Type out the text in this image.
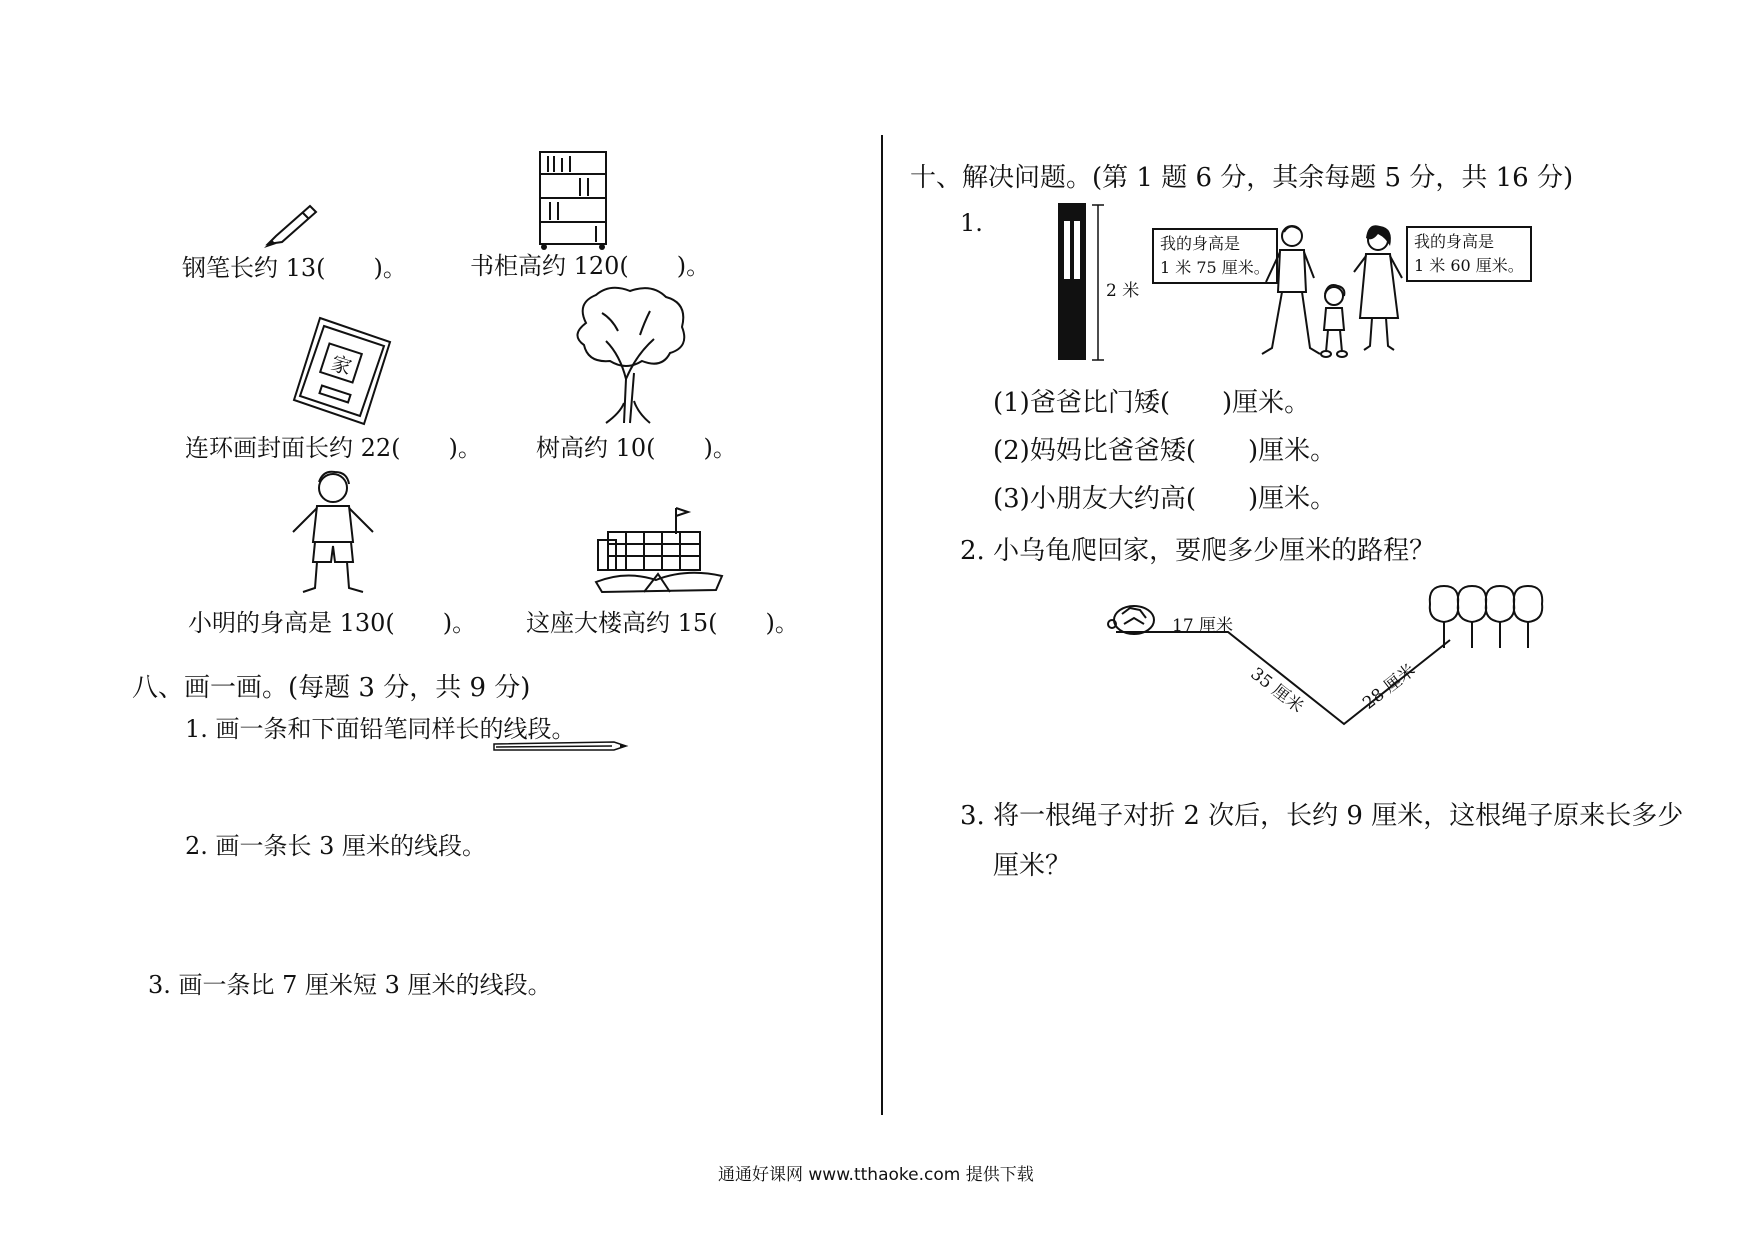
钢笔长约 13(　　)。	书柜高约 120(　　)。
家
连环画封面长约 22(　　)。 树高约 10(　　)。
小明的身高是 130(　　)。 这座大楼高约 15(　　)。
八、画一画。(每题 3 分，共 9 分)
1. 画一条和下面铅笔同样长的线段。
2. 画一条长 3 厘米的线段。
3. 画一条比 7 厘米短 3 厘米的线段。
十、解决问题。(第 1 题 6 分，其余每题 5 分，共 16 分)
1.
2 米
我的身高是
1 米 75 厘米。
我的身高是
1 米 60 厘米。
(1)爸爸比门矮(　　)厘米。
(2)妈妈比爸爸矮(　　)厘米。
(3)小朋友大约高(　　)厘米。
2. 小乌龟爬回家，要爬多少厘米的路程？
17 厘米
35 厘米	28 厘米
3. 将一根绳子对折 2 次后，长约 9 厘米，这根绳子原来长多少
厘米？
通通好课网 www.tthaoke.com 提供下载
